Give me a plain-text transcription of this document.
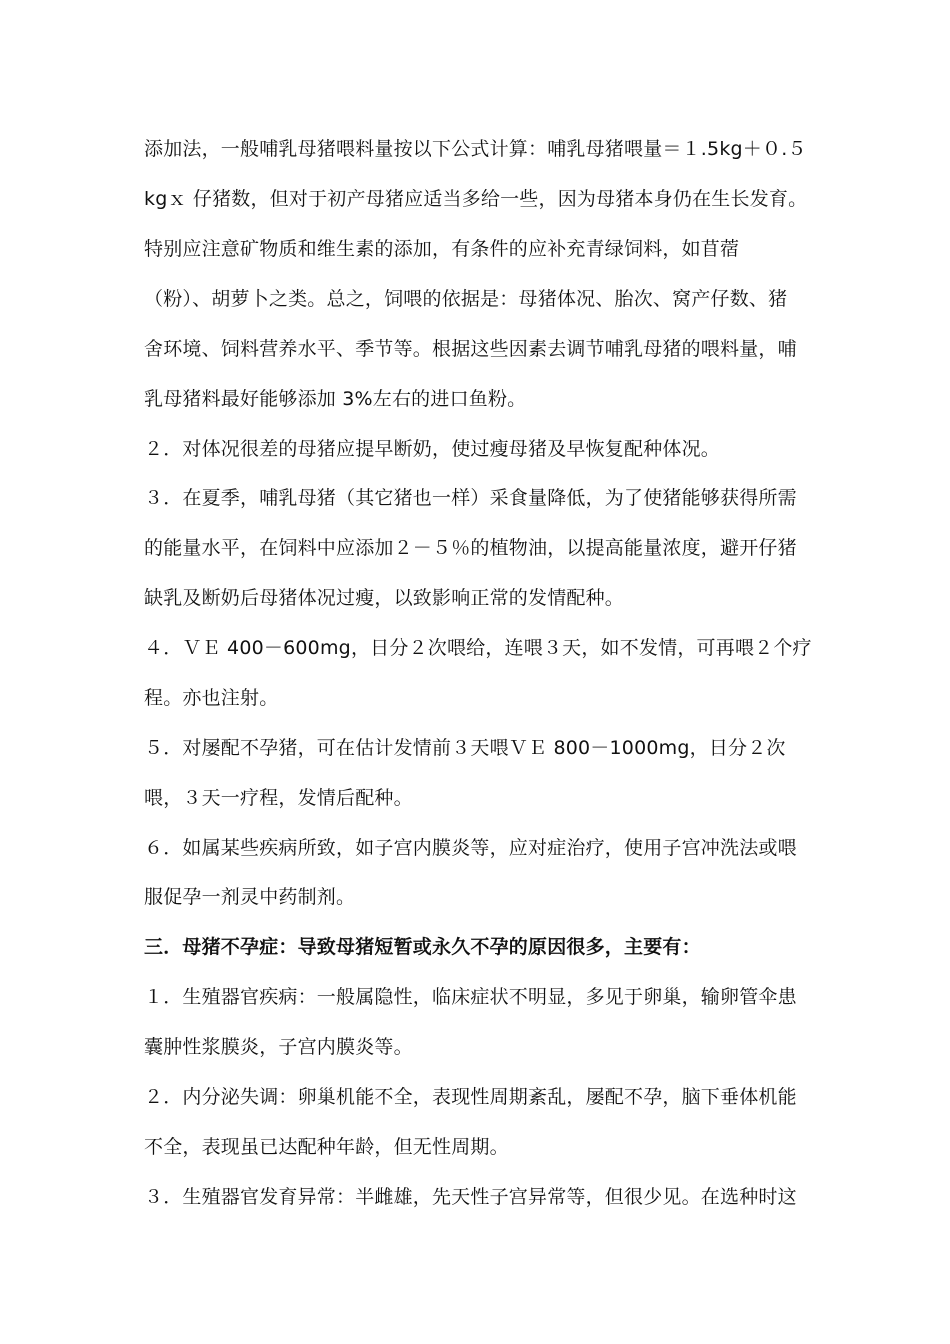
添加法，一般哺乳母猪喂料量按以下公式计算：哺乳母猪喂量＝１.5kg＋０.５
kgｘ 仔猪数，但对于初产母猪应适当多给一些，因为母猪本身仍在生长发育。
特别应注意矿物质和维生素的添加，有条件的应补充青绿饲料，如苜蓿
（粉）、胡萝卜之类。总之，饲喂的依据是：母猪体况、胎次、窝产仔数、猪
舍环境、饲料营养水平、季节等。根据这些因素去调节哺乳母猪的喂料量，哺
乳母猪料最好能够添加 3%左右的进口鱼粉。
２．对体况很差的母猪应提早断奶，使过瘦母猪及早恢复配种体况。
３．在夏季，哺乳母猪（其它猪也一样）采食量降低，为了使猪能够获得所需
的能量水平，在饲料中应添加２－５％的植物油，以提高能量浓度，避开仔猪
缺乳及断奶后母猪体况过瘦，以致影响正常的发情配种。
４．ＶＥ 400－600mg，日分２次喂给，连喂３天，如不发情，可再喂２个疗
程。亦也注射。
５．对屡配不孕猪，可在估计发情前３天喂ＶＥ 800－1000mg，日分２次
喂，３天一疗程，发情后配种。
６．如属某些疾病所致，如子宫内膜炎等，应对症治疗，使用子宫冲洗法或喂
服促孕一剂灵中药制剂。
三．母猪不孕症：导致母猪短暂或永久不孕的原因很多，主要有：
１．生殖器官疾病：一般属隐性，临床症状不明显，多见于卵巢，输卵管伞患
囊肿性浆膜炎，子宫内膜炎等。
２．内分泌失调：卵巢机能不全，表现性周期紊乱，屡配不孕，脑下垂体机能
不全，表现虽已达配种年龄，但无性周期。
３．生殖器官发育异常：半雌雄，先天性子宫异常等，但很少见。在选种时这
